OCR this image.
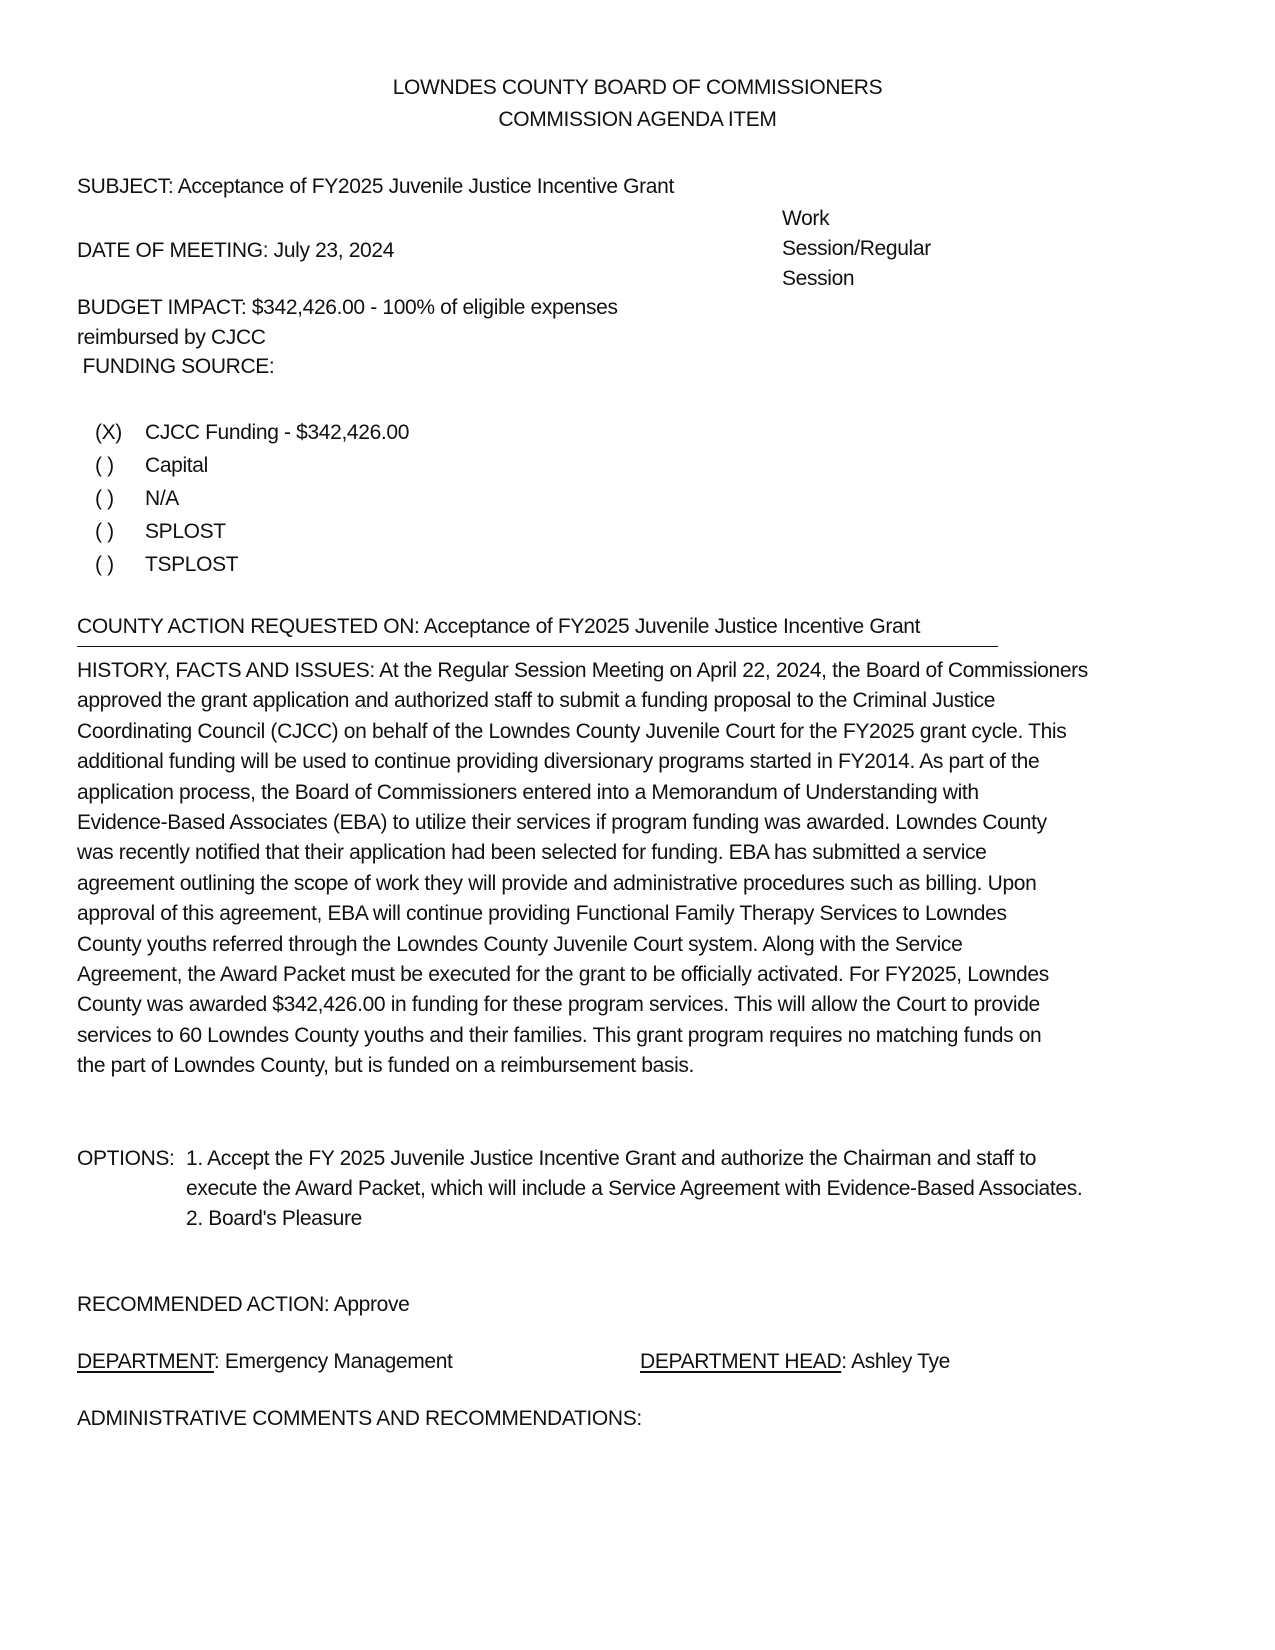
LOWNDES COUNTY BOARD OF COMMISSIONERS
COMMISSION AGENDA ITEM
SUBJECT: Acceptance of FY2025 Juvenile Justice Incentive Grant
Work
Session/Regular
Session
DATE OF MEETING: July 23, 2024
BUDGET IMPACT: $342,426.00 - 100% of eligible expenses
reimbursed by CJCC
FUNDING SOURCE:
(X) CJCC Funding - $342,426.00
( ) Capital
( ) N/A
( ) SPLOST
( ) TSPLOST
COUNTY ACTION REQUESTED ON: Acceptance of FY2025 Juvenile Justice Incentive Grant
HISTORY, FACTS AND ISSUES: At the Regular Session Meeting on April 22, 2024, the Board of Commissioners
approved the grant application and authorized staff to submit a funding proposal to the Criminal Justice
Coordinating Council (CJCC) on behalf of the Lowndes County Juvenile Court for the FY2025 grant cycle. This
additional funding will be used to continue providing diversionary programs started in FY2014. As part of the
application process, the Board of Commissioners entered into a Memorandum of Understanding with
Evidence-Based Associates (EBA) to utilize their services if program funding was awarded. Lowndes County
was recently notified that their application had been selected for funding. EBA has submitted a service
agreement outlining the scope of work they will provide and administrative procedures such as billing. Upon
approval of this agreement, EBA will continue providing Functional Family Therapy Services to Lowndes
County youths referred through the Lowndes County Juvenile Court system. Along with the Service
Agreement, the Award Packet must be executed for the grant to be officially activated. For FY2025, Lowndes
County was awarded $342,426.00 in funding for these program services. This will allow the Court to provide
services to 60 Lowndes County youths and their families. This grant program requires no matching funds on
the part of Lowndes County, but is funded on a reimbursement basis.
OPTIONS: 1. Accept the FY 2025 Juvenile Justice Incentive Grant and authorize the Chairman and staff to
execute the Award Packet, which will include a Service Agreement with Evidence-Based Associates.
2. Board's Pleasure
RECOMMENDED ACTION: Approve
DEPARTMENT: Emergency Management	DEPARTMENT HEAD: Ashley Tye
ADMINISTRATIVE COMMENTS AND RECOMMENDATIONS:
